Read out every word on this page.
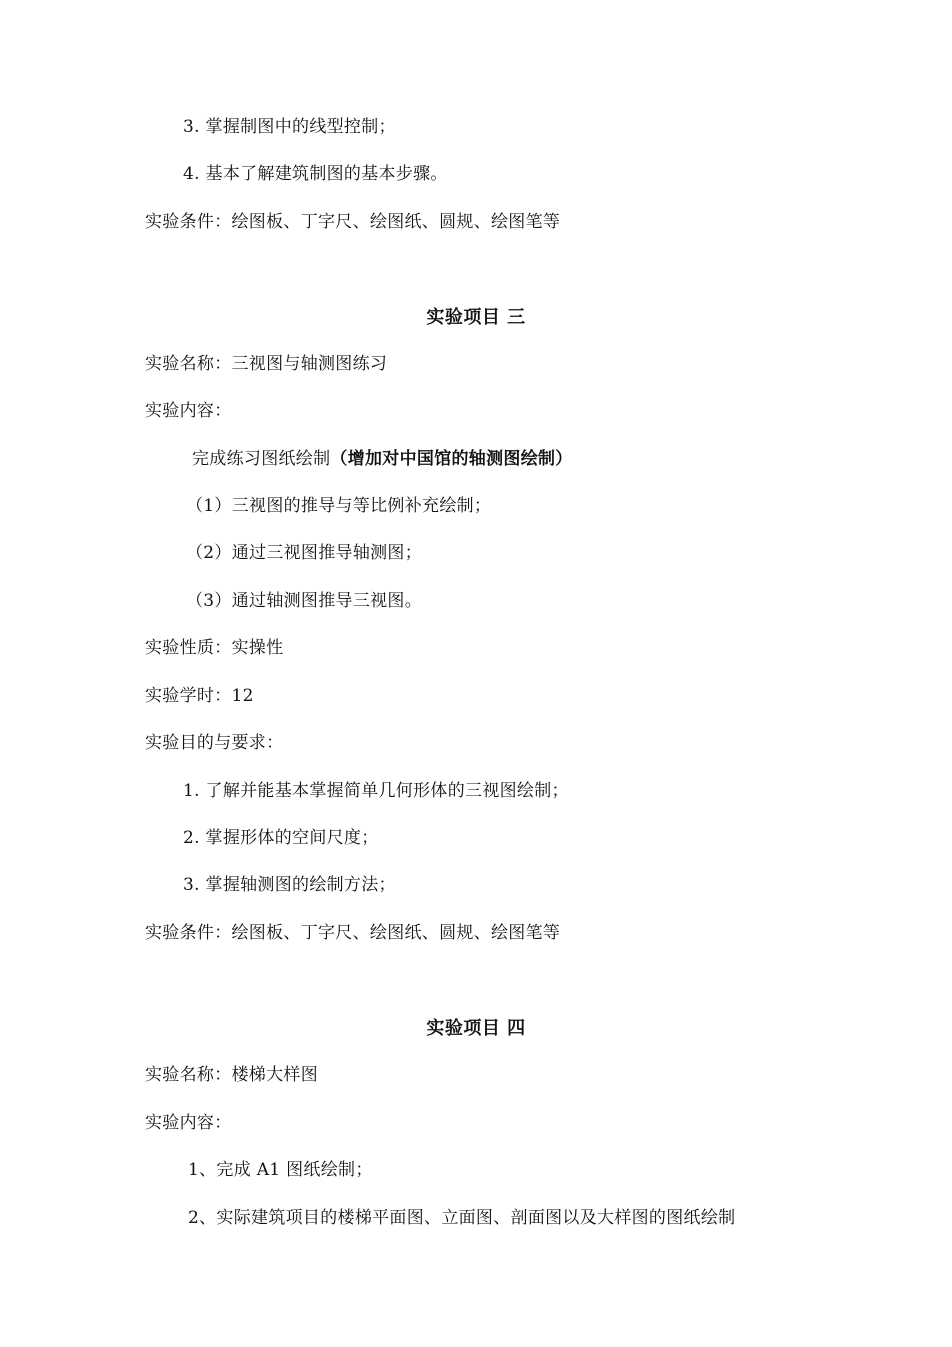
3. 掌握制图中的线型控制；
4. 基本了解建筑制图的基本步骤。
实验条件：绘图板、丁字尺、绘图纸、圆规、绘图笔等
实验项目 三
实验名称：三视图与轴测图练习
实验内容：
完成练习图纸绘制（增加对中国馆的轴测图绘制）
（1）三视图的推导与等比例补充绘制；
（2）通过三视图推导轴测图；
（3）通过轴测图推导三视图。
实验性质：实操性
实验学时：12
实验目的与要求：
1. 了解并能基本掌握简单几何形体的三视图绘制；
2. 掌握形体的空间尺度；
3. 掌握轴测图的绘制方法；
实验条件：绘图板、丁字尺、绘图纸、圆规、绘图笔等
实验项目 四
实验名称：楼梯大样图
实验内容：
1、完成 A1 图纸绘制；
2、实际建筑项目的楼梯平面图、立面图、剖面图以及大样图的图纸绘制
